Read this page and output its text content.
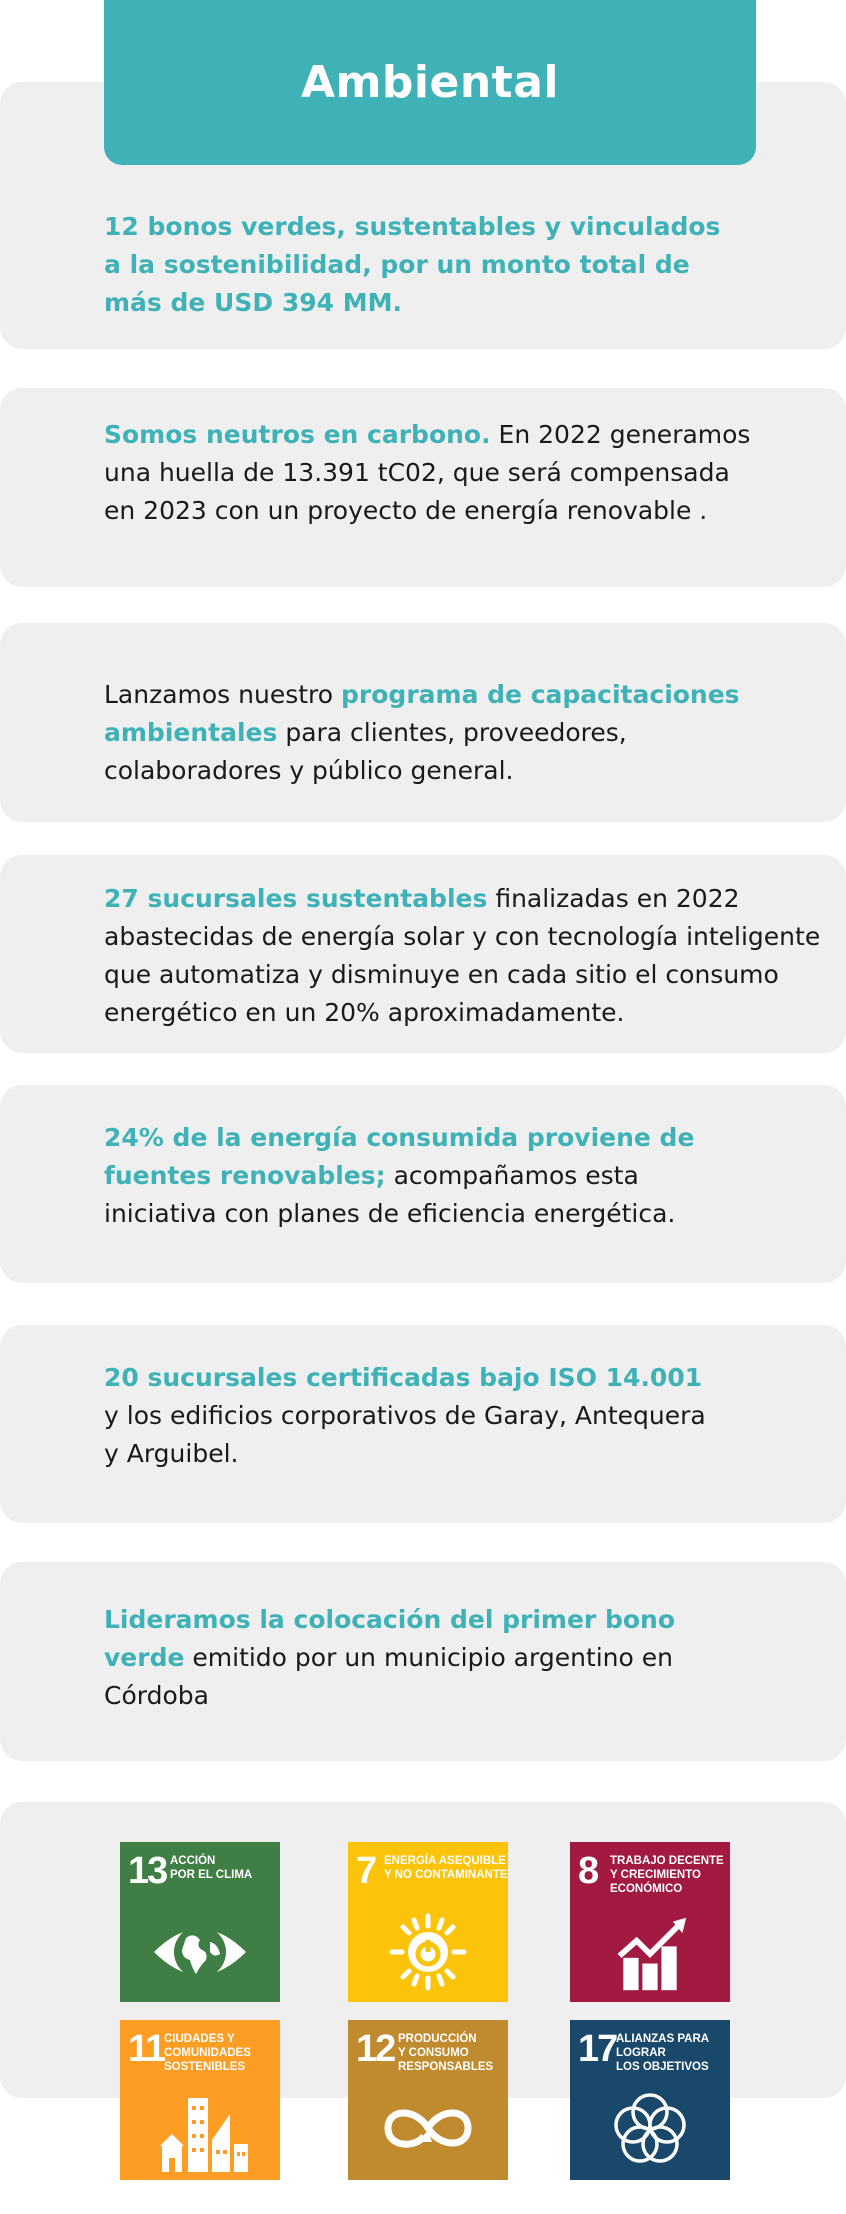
Ambiental
12 bonos verdes, sustentables y vinculados a la sostenibilidad, por un monto total de más de USD 394 MM.
Somos neutros en carbono. En 2022 generamos una huella de 13.391 tC02, que será compensada en 2023 con un proyecto de energía renovable .
Lanzamos nuestro programa de capacitaciones ambientales para clientes, proveedores, colaboradores y público general.
27 sucursales sustentables finalizadas en 2022 abastecidas de energía solar y con tecnología inteligente que automatiza y disminuye en cada sitio el consumo energético en un 20% aproximadamente.
24% de la energía consumida proviene de fuentes renovables; acompañamos esta iniciativa con planes de eficiencia energética.
20 sucursales certificadas bajo ISO 14.001 y los edificios corporativos de Garay, Antequera y Arguibel.
Lideramos la colocación del primer bono verde emitido por un municipio argentino en Córdoba
13 ACCIÓN
POR EL CLIMA	7 ENERGÍA ASEQUIBLE
Y NO CONTAMINANTE 8 TRABAJO DECENTE
Y CRECIMIENTO
ECONÓMICO
11 CIUDADES Y
COMUNIDADES
SOSTENIBLES	12 PRODUCCIÓN
Y CONSUMO
RESPONSABLES 17 ALIANZAS PARA
LOGRAR
LOS OBJETIVOS
